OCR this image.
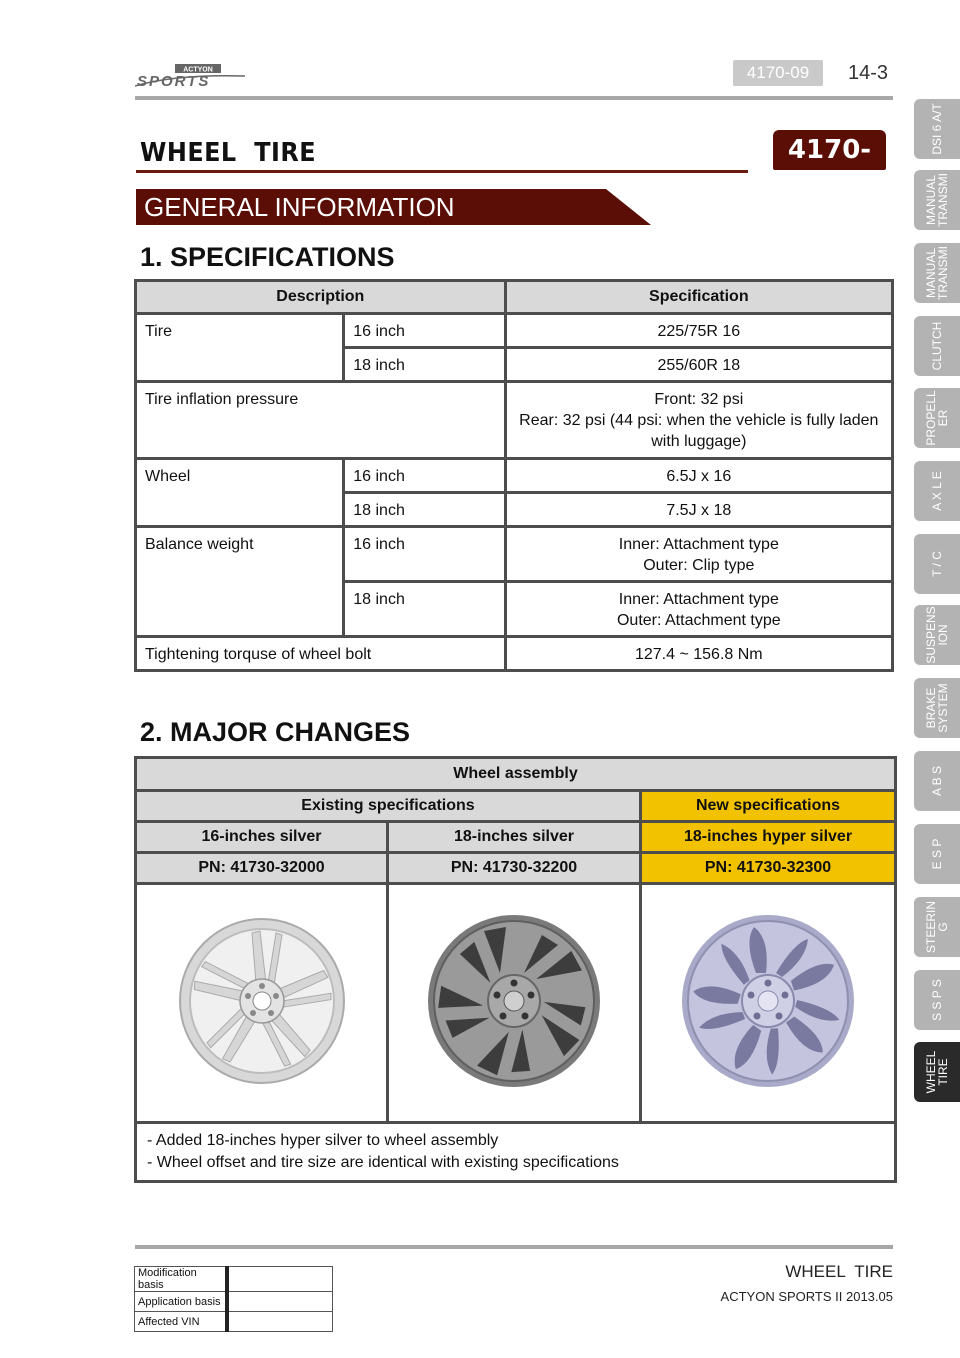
ACTYON
SPORTS	4170-09	14-3
WHEEL  TIRE	4170-01
GENERAL INFORMATION
1. SPECIFICATIONS
Description		Specification
Tire	16 inch	225/75R 16
	18 inch	255/60R 18
Tire inflation pressure		Front: 32 psi
Rear: 32 psi (44 psi: when the vehicle is fully laden
with luggage)

Wheel	16 inch	6.5J x 16
	18 inch	7.5J x 18
Balance weight	16 inch	Inner: Attachment type
Outer: Clip type

	18 inch	Inner: Attachment type
Outer: Attachment type

Tightening torquse of wheel bolt		127.4 ~ 156.8 Nm
2. MAJOR CHANGES
Wheel assembly		
Existing specifications		New specifications
16-inches silver	18-inches silver	18-inches hyper silver
PN: 41730-32000	PN: 41730-32200	PN: 41730-32300

- Added 18-inches hyper silver to wheel assembly
- Wheel offset and tire size are identical with existing specifications		
DSI 6 A/T
MANUAL
TRANSMI
MANUAL
TRANSMI
CLUTCH
PROPELL
ER
A X L E
T / C
SUSPENS
ION
BRAKE
SYSTEM
A B S
E S P
STEERIN
G
S S P S
WHEEL
TIRE
WHEEL  TIRE
ACTYON SPORTS II 2013.05
Modification basis	
Application basis	
Affected VIN	
